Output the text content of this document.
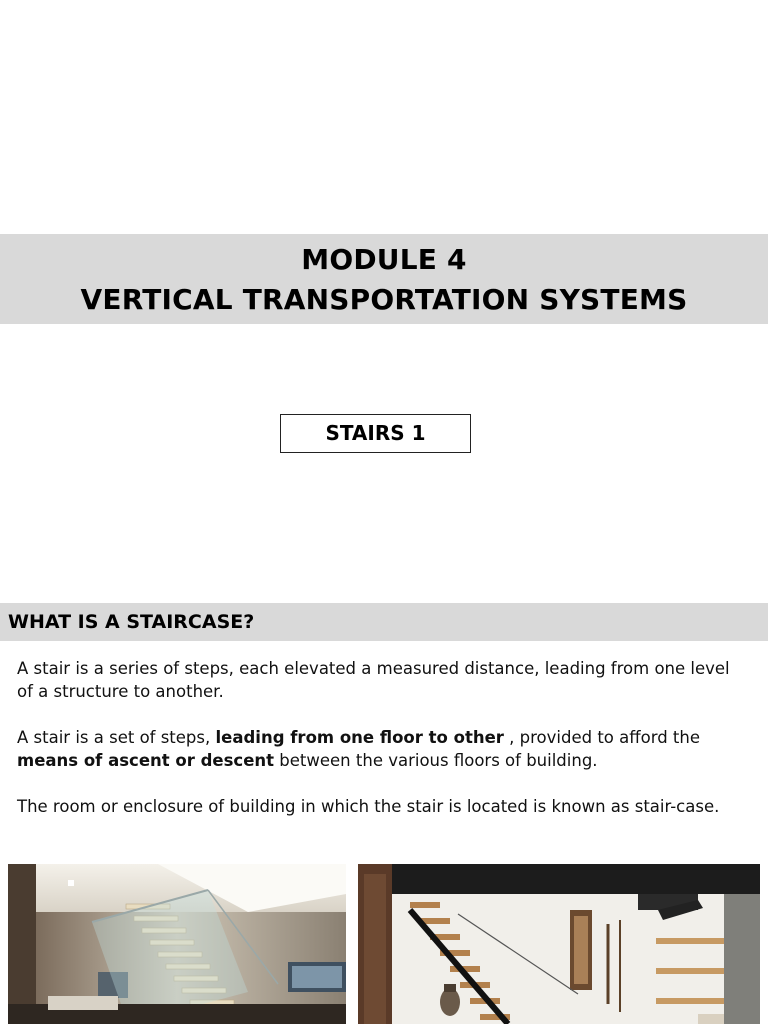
MODULE 4
VERTICAL TRANSPORTATION SYSTEMS
STAIRS 1
WHAT IS A STAIRCASE?
A stair is a series of steps, each elevated a measured distance, leading from one level of a structure to another.
A stair is a set of steps, leading from one floor to other , provided to afford the means of ascent or descent between the various floors of building.
The room or enclosure of building in which the stair is located is known as stair-case.
